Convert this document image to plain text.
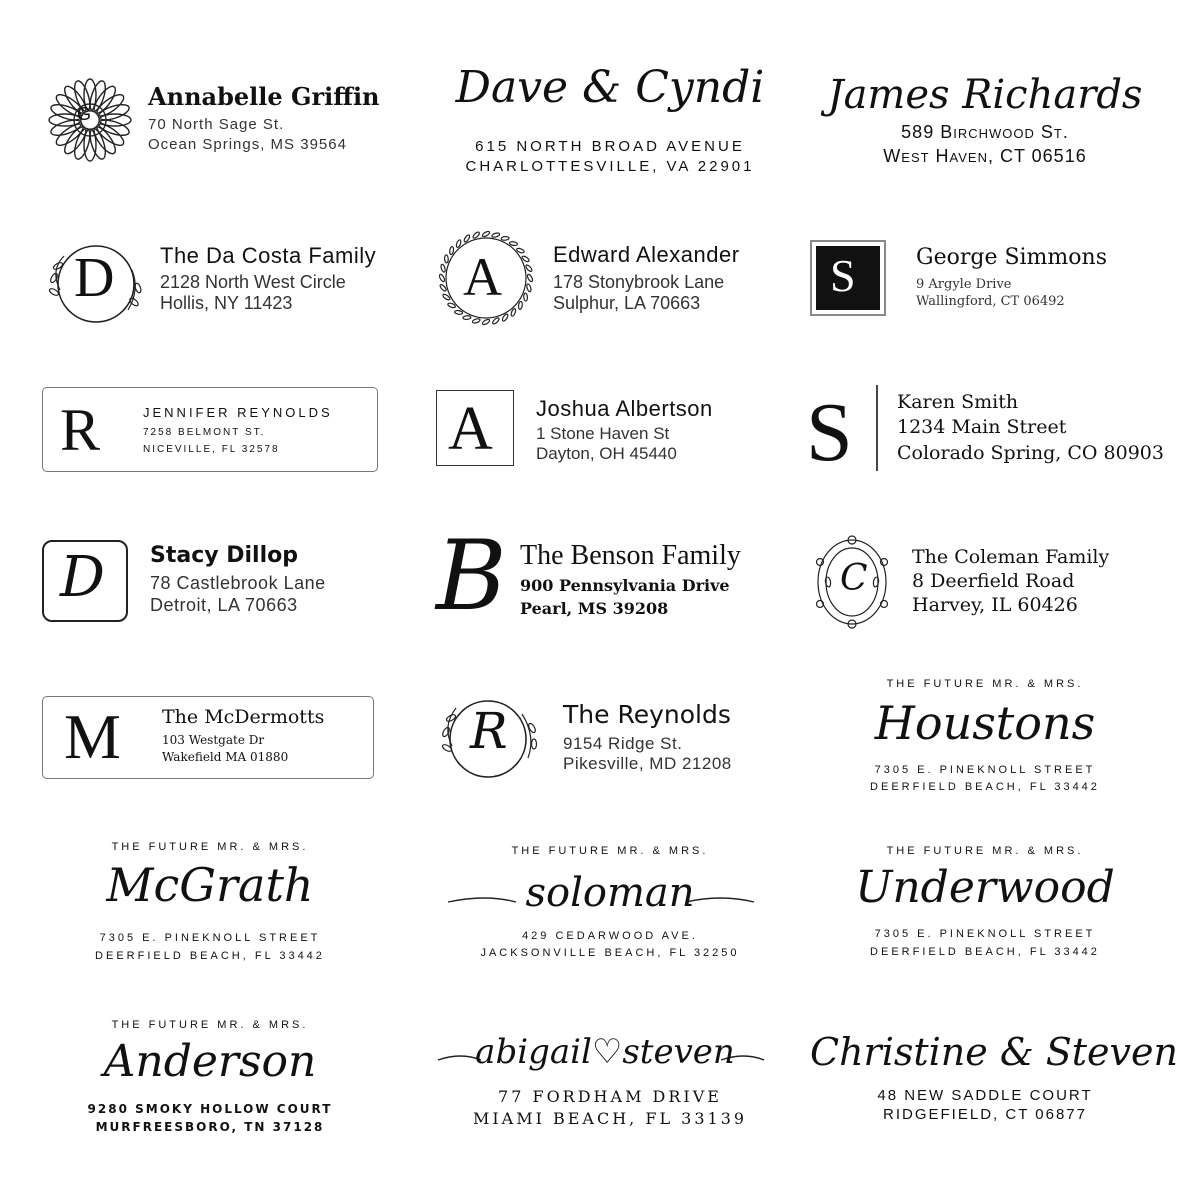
G
Annabelle Griffin
70 North Sage St.
Ocean Springs, MS 39564
Dave & Cyndi
615 NORTH BROAD AVENUE
CHARLOTTESVILLE, VA 22901
James Richards
589 Birchwood St.
West Haven, CT 06516
D The Da Costa Family
2128 North West Circle
Hollis, NY 11423	A Edward Alexander
178 Stonybrook Lane
Sulphur, LA 70663
S	George Simmons
9 Argyle Drive
Wallingford, CT 06492
R	JENNIFER REYNOLDS
7258 BELMONT ST.
NICEVILLE, FL 32578	A Joshua Albertson
1 Stone Haven St
Dayton, OH 45440 S Karen Smith
1234 Main Street
Colorado Spring, CO 80903
D Stacy Dillop
78 Castlebrook Lane
Detroit, LA 70663 B The Benson Family
900 Pennsylvania Drive
Pearl, MS 39208
C
The Coleman Family
8 Deerfield Road
Harvey, IL 60426
M The McDermotts
103 Westgate Dr
Wakefield MA 01880	R The Reynolds
9154 Ridge St.
Pikesville, MD 21208
THE FUTURE MR. & MRS.
Houstons
7305 E. PINEKNOLL STREET
DEERFIELD BEACH, FL 33442
THE FUTURE MR. & MRS.
McGrath
7305 E. PINEKNOLL STREET
DEERFIELD BEACH, FL 33442
THE FUTURE MR. & MRS.
soloman
429 CEDARWOOD AVE.
JACKSONVILLE BEACH, FL 32250
THE FUTURE MR. & MRS.
Underwood
7305 E. PINEKNOLL STREET
DEERFIELD BEACH, FL 33442
THE FUTURE MR. & MRS.
Anderson
9280 SMOKY HOLLOW COURT
MURFREESBORO, TN 37128
abigail♡steven
77 FORDHAM DRIVE
MIAMI BEACH, FL 33139
Christine & Steven
48 NEW SADDLE COURT
RIDGEFIELD, CT 06877
